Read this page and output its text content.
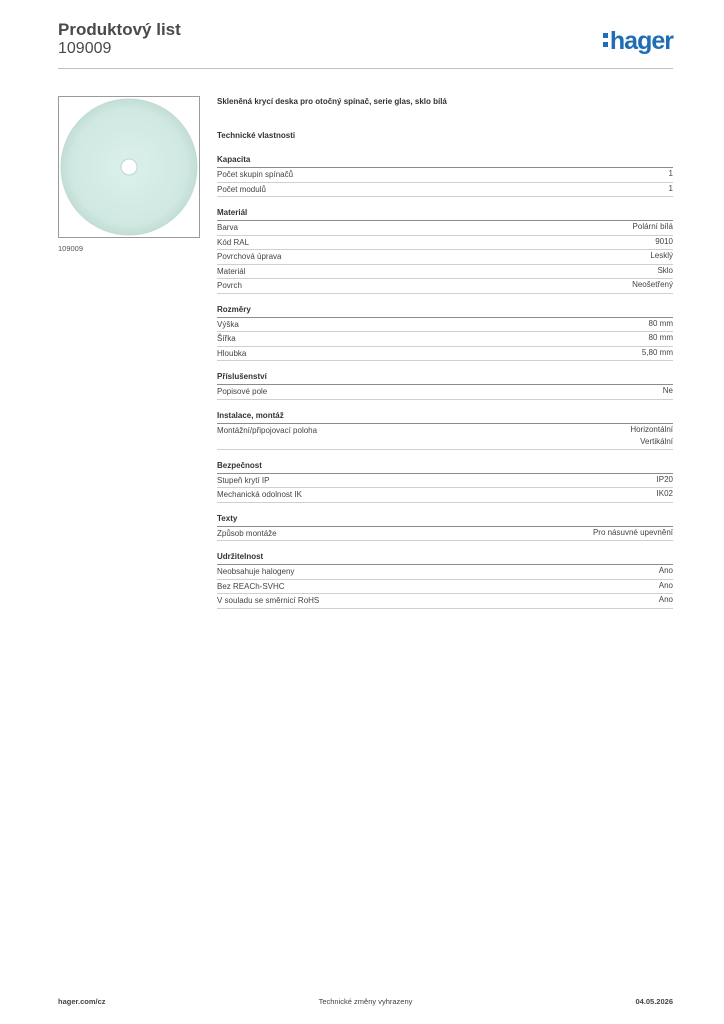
Produktový list
109009	hager
109009
Skleněná krycí deska pro otočný spínač, serie glas, sklo bílá
Technické vlastnosti
Kapacita
Počet skupin spínačů	1
Počet modulů	1
Materiál
Barva	Polární bílá
Kód RAL	9010
Povrchová úprava	Lesklý
Materiál	Sklo
Povrch	Neošetřený
Rozměry
Výška	80 mm
Šířka	80 mm
Hloubka	5,80 mm
Příslušenství
Popisové pole	Ne
Instalace, montáž
Montážní/připojovací poloha	Horizontální
Vertikální
Bezpečnost
Stupeň krytí IP	IP20
Mechanická odolnost IK	IK02
Texty
Způsob montáže	Pro násuvné upevnění
Udržitelnost
Neobsahuje halogeny	Ano
Bez REACh-SVHC	Ano
V souladu se směrnicí RoHS	Ano
hager.com/cz	Technické změny vyhrazeny	04.05.2026
